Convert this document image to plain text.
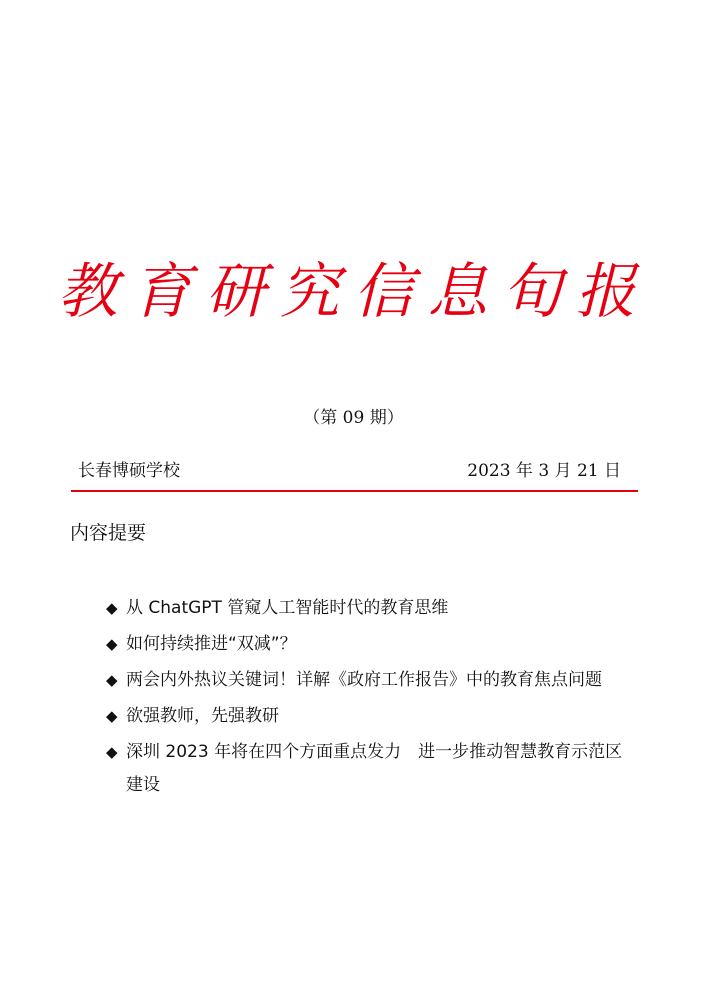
教育研究信息旬报
（第 09 期）
长春博硕学校	2023 年 3 月 21 日
内容提要
◆ 从 ChatGPT 管窥人工智能时代的教育思维
◆ 如何持续推进“双减”？
◆ 两会内外热议关键词！详解《政府工作报告》中的教育焦点问题
◆ 欲强教师，先强教研
◆ 深圳 2023 年将在四个方面重点发力　进一步推动智慧教育示范区建设
